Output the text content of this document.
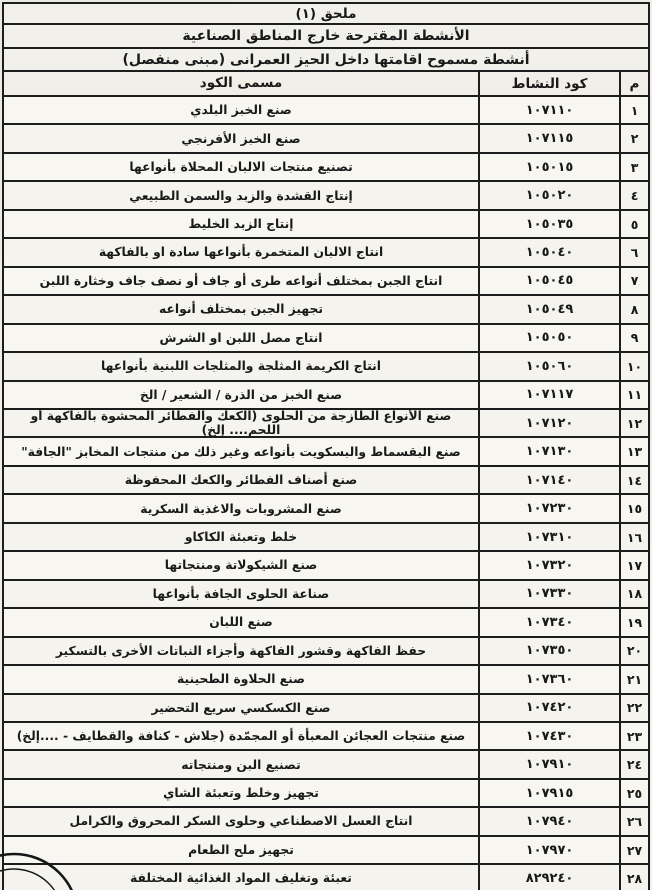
ملحق (١)
الأنشطة المقترحة خارج المناطق الصناعية
أنشطة مسموح اقامتها داخل الحيز العمرانى (مبنى منفصل)
م
كود النشاط
مسمى الكود
١
١٠٧١١٠
صنع الخبز البلدي
٢
١٠٧١١٥
صنع الخبز الأفرنجي
٣
١٠٥٠١٥
تصنيع منتجات الالبان المحلاة بأنواعها
٤
١٠٥٠٢٠
إنتاج القشدة والزبد والسمن الطبيعي
٥
١٠٥٠٣٥
إنتاج الزبد الخليط
٦
١٠٥٠٤٠
انتاج الالبان المتخمرة بأنواعها سادة او بالفاكهة
٧
١٠٥٠٤٥
انتاج الجبن بمختلف أنواعه طرى أو جاف أو نصف جاف وخثارة اللبن
٨
١٠٥٠٤٩
تجهيز الجبن بمختلف أنواعه
٩
١٠٥٠٥٠
انتاج مصل اللبن او الشرش
١٠
١٠٥٠٦٠
انتاج الكريمة المثلجة والمثلجات اللبنية بأنواعها
١١
١٠٧١١٧
صنع الخبز من الذرة / الشعير / الخ
١٢
١٠٧١٢٠
صنع الأنواع الطازجة من الحلوى (الكعك والفطائر المحشوة بالفاكهة أو اللحم.... إلخ)
١٣
١٠٧١٣٠
صنع البقسماط والبسكويت بأنواعه وغير ذلك من منتجات المخابز "الجافة"
١٤
١٠٧١٤٠
صنع أصناف الفطائر والكعك المحفوظة
١٥
١٠٧٢٣٠
صنع المشروبات والاغذية السكرية
١٦
١٠٧٣١٠
خلط وتعبئة الكاكاو
١٧
١٠٧٣٢٠
صنع الشيكولاتة ومنتجاتها
١٨
١٠٧٣٣٠
صناعة الحلوى الجافة بأنواعها
١٩
١٠٧٣٤٠
صنع اللبان
٢٠
١٠٧٣٥٠
حفظ الفاكهة وقشور الفاكهة وأجزاء النباتات الأخرى بالتسكير
٢١
١٠٧٣٦٠
صنع الحلاوة الطحينية
٢٢
١٠٧٤٢٠
صنع الكسكسي سريع التحضير
٢٣
١٠٧٤٣٠
صنع منتجات العجائن المعبأة أو المجمّدة (جلاش - كنافة والقطايف - ....إلخ)
٢٤
١٠٧٩١٠
تصنيع البن ومنتجاته
٢٥
١٠٧٩١٥
تجهيز وخلط وتعبئة الشاي
٢٦
١٠٧٩٤٠
انتاج العسل الاصطناعي وحلوى السكر المحروق والكرامل
٢٧
١٠٧٩٧٠
تجهيز ملح الطعام
٢٨
٨٢٩٢٤٠
تعبئة وتغليف المواد الغذائية المختلفة
